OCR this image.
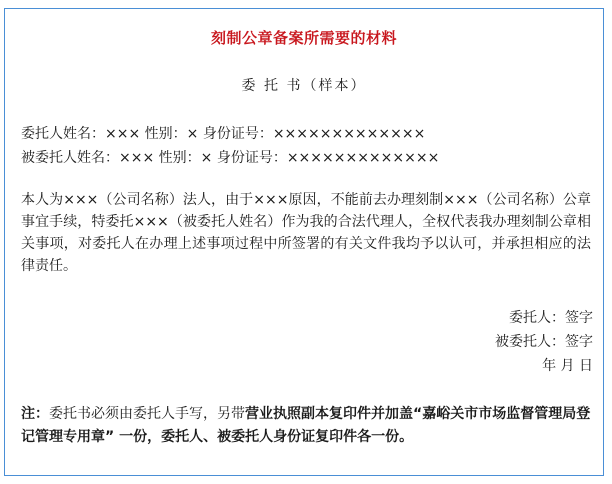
刻制公章备案所需要的材料
委 托 书（样本）
委托人姓名：××× 性别：× 身份证号：×××××××××××××
被委托人姓名：××× 性别：× 身份证号：×××××××××××××
本人为×××（公司名称）法人，由于×××原因，不能前去办理刻制×××（公司名称）公章事宜手续，特委托×××（被委托人姓名）作为我的合法代理人，全权代表我办理刻制公章相关事项，对委托人在办理上述事项过程中所签署的有关文件我均予以认可，并承担相应的法律责任。
委托人：签字
被委托人：签字
年 月 日
注：委托书必须由委托人手写，另带营业执照副本复印件并加盖“嘉峪关市市场监督管理局登记管理专用章” 一份，委托人、被委托人身份证复印件各一份。
